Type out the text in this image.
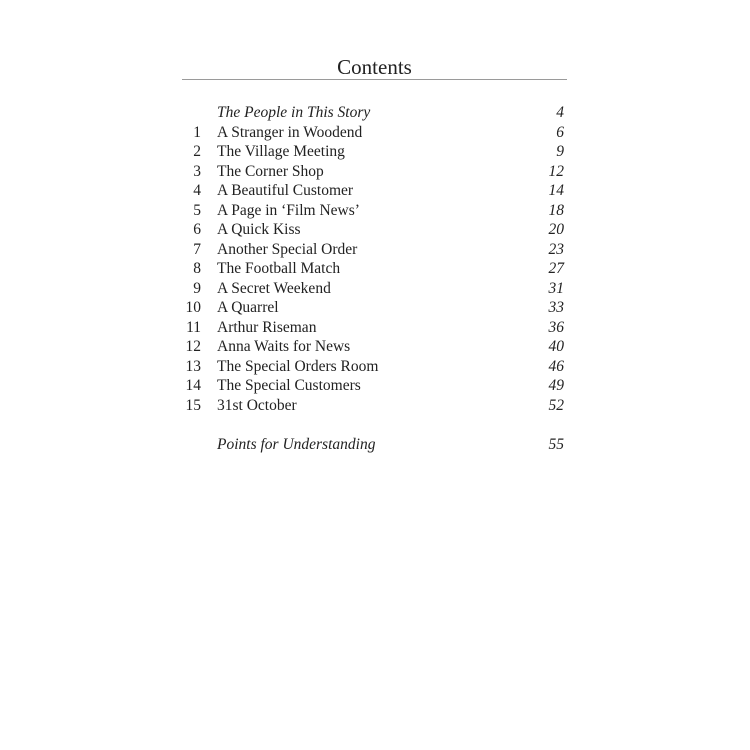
Contents
The People in This Story	4
1 A Stranger in Woodend	6
2 The Village Meeting	9
3 The Corner Shop	12
4 A Beautiful Customer	14
5 A Page in ‘Film News’	18
6 A Quick Kiss	20
7 Another Special Order	23
8 The Football Match	27
9 A Secret Weekend	31
10 A Quarrel	33
11 Arthur Riseman	36
12 Anna Waits for News	40
13 The Special Orders Room	46
14 The Special Customers	49
15 31st October	52
Points for Understanding	55
